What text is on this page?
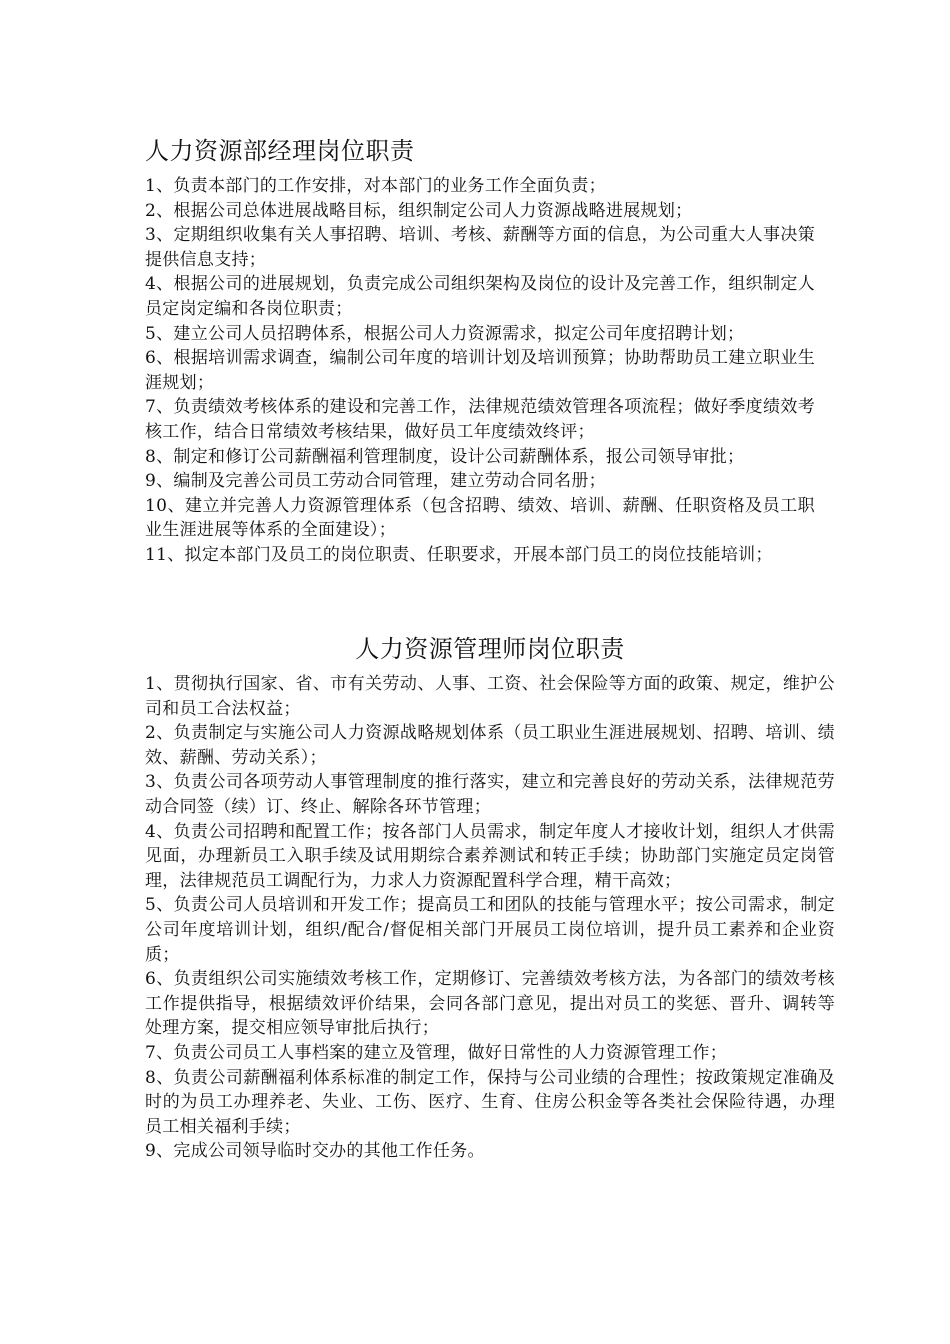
人力资源部经理岗位职责
1、负责本部门的工作安排，对本部门的业务工作全面负责；
2、根据公司总体进展战略目标，组织制定公司人力资源战略进展规划；
3、定期组织收集有关人事招聘、培训、考核、薪酬等方面的信息，为公司重大人事决策提供信息支持；
4、根据公司的进展规划，负责完成公司组织架构及岗位的设计及完善工作，组织制定人员定岗定编和各岗位职责；
5、建立公司人员招聘体系，根据公司人力资源需求，拟定公司年度招聘计划；
6、根据培训需求调查，编制公司年度的培训计划及培训预算；协助帮助员工建立职业生涯规划；
7、负责绩效考核体系的建设和完善工作，法律规范绩效管理各项流程；做好季度绩效考核工作，结合日常绩效考核结果，做好员工年度绩效终评；
8、制定和修订公司薪酬福利管理制度，设计公司薪酬体系，报公司领导审批；
9、编制及完善公司员工劳动合同管理，建立劳动合同名册；
10、建立并完善人力资源管理体系（包含招聘、绩效、培训、薪酬、任职资格及员工职业生涯进展等体系的全面建设）；
11、拟定本部门及员工的岗位职责、任职要求，开展本部门员工的岗位技能培训；
人力资源管理师岗位职责
1、贯彻执行国家、省、市有关劳动、人事、工资、社会保险等方面的政策、规定，维护公司和员工合法权益；
2、负责制定与实施公司人力资源战略规划体系（员工职业生涯进展规划、招聘、培训、绩效、薪酬、劳动关系）；
3、负责公司各项劳动人事管理制度的推行落实，建立和完善良好的劳动关系，法律规范劳动合同签（续）订、终止、解除各环节管理；
4、负责公司招聘和配置工作；按各部门人员需求，制定年度人才接收计划，组织人才供需见面，办理新员工入职手续及试用期综合素养测试和转正手续；协助部门实施定员定岗管理，法律规范员工调配行为，力求人力资源配置科学合理，精干高效；
5、负责公司人员培训和开发工作；提高员工和团队的技能与管理水平；按公司需求，制定公司年度培训计划，组织/配合/督促相关部门开展员工岗位培训，提升员工素养和企业资质；
6、负责组织公司实施绩效考核工作，定期修订、完善绩效考核方法，为各部门的绩效考核工作提供指导，根据绩效评价结果，会同各部门意见，提出对员工的奖惩、晋升、调转等处理方案，提交相应领导审批后执行；
7、负责公司员工人事档案的建立及管理，做好日常性的人力资源管理工作；
8、负责公司薪酬福利体系标准的制定工作，保持与公司业绩的合理性；按政策规定准确及时的为员工办理养老、失业、工伤、医疗、生育、住房公积金等各类社会保险待遇，办理员工相关福利手续；
9、完成公司领导临时交办的其他工作任务。
